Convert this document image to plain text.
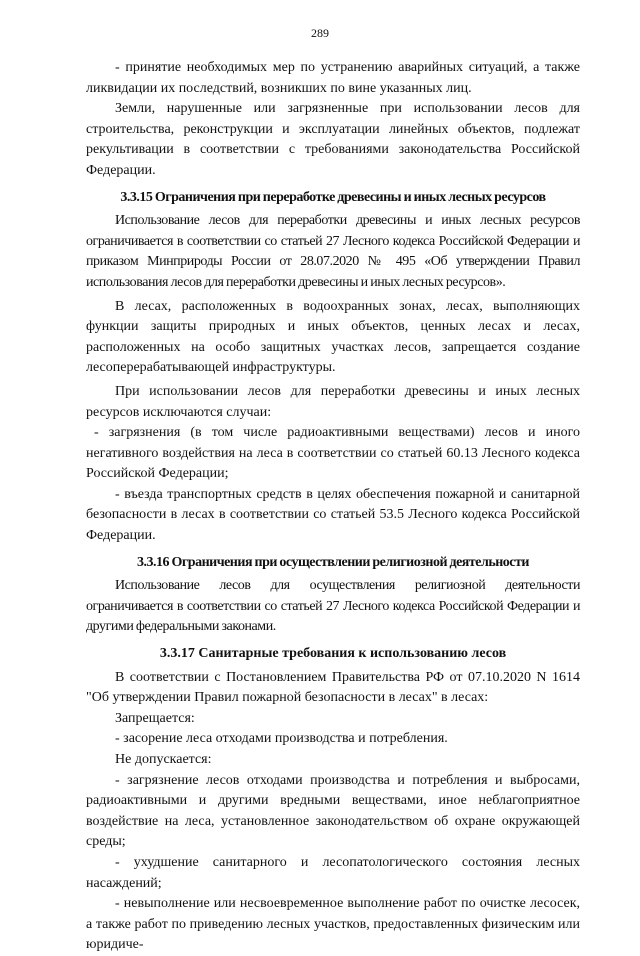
289

- принятие необходимых мер по устранению аварийных ситуаций, а также ликвидации их последствий, возникших по вине указанных лиц.

Земли, нарушенные или загрязненные при использовании лесов для строительства, реконструкции и эксплуатации линейных объектов, подлежат рекультивации в соответствии с требованиями законодательства Российской Федерации.

3.3.15 Ограничения при переработке древесины и иных лесных ресурсов

Использование лесов для переработки древесины и иных лесных ресурсов ограничивается в соответствии со статьей 27 Лесного кодекса Российской Федерации и приказом Минприроды России от 28.07.2020 № 495 «Об утверждении Правил использования лесов для переработки древесины и иных лесных ресурсов».

В лесах, расположенных в водоохранных зонах, лесах, выполняющих функции защиты природных и иных объектов, ценных лесах и лесах, расположенных на особо защитных участках лесов, запрещается создание лесоперерабатывающей инфраструктуры.

При использовании лесов для переработки древесины и иных лесных ресурсов исключаются случаи:

- загрязнения (в том числе радиоактивными веществами) лесов и иного негативного воздействия на леса в соответствии со статьей 60.13 Лесного кодекса Российской Федерации;

- въезда транспортных средств в целях обеспечения пожарной и санитарной безопасности в лесах в соответствии со статьей 53.5 Лесного кодекса Российской Федерации.

3.3.16 Ограничения при осуществлении религиозной деятельности

Использование лесов для осуществления религиозной деятельности ограничивается в соответствии со статьей 27 Лесного кодекса Российской Федерации и другими федеральными законами.

3.3.17 Санитарные требования к использованию лесов

В соответствии с Постановлением Правительства РФ от 07.10.2020 N 1614 "Об утверждении Правил пожарной безопасности в лесах" в лесах:

Запрещается:

- засорение леса отходами производства и потребления.

Не допускается:

- загрязнение лесов отходами производства и потребления и выбросами, радиоактивными и другими вредными веществами, иное неблагоприятное воздействие на леса, установленное законодательством об охране окружающей среды;

- ухудшение санитарного и лесопатологического состояния лесных насаждений;

- невыполнение или несвоевременное выполнение работ по очистке лесосек, а также работ по приведению лесных участков, предоставленных физическим или юридиче-
